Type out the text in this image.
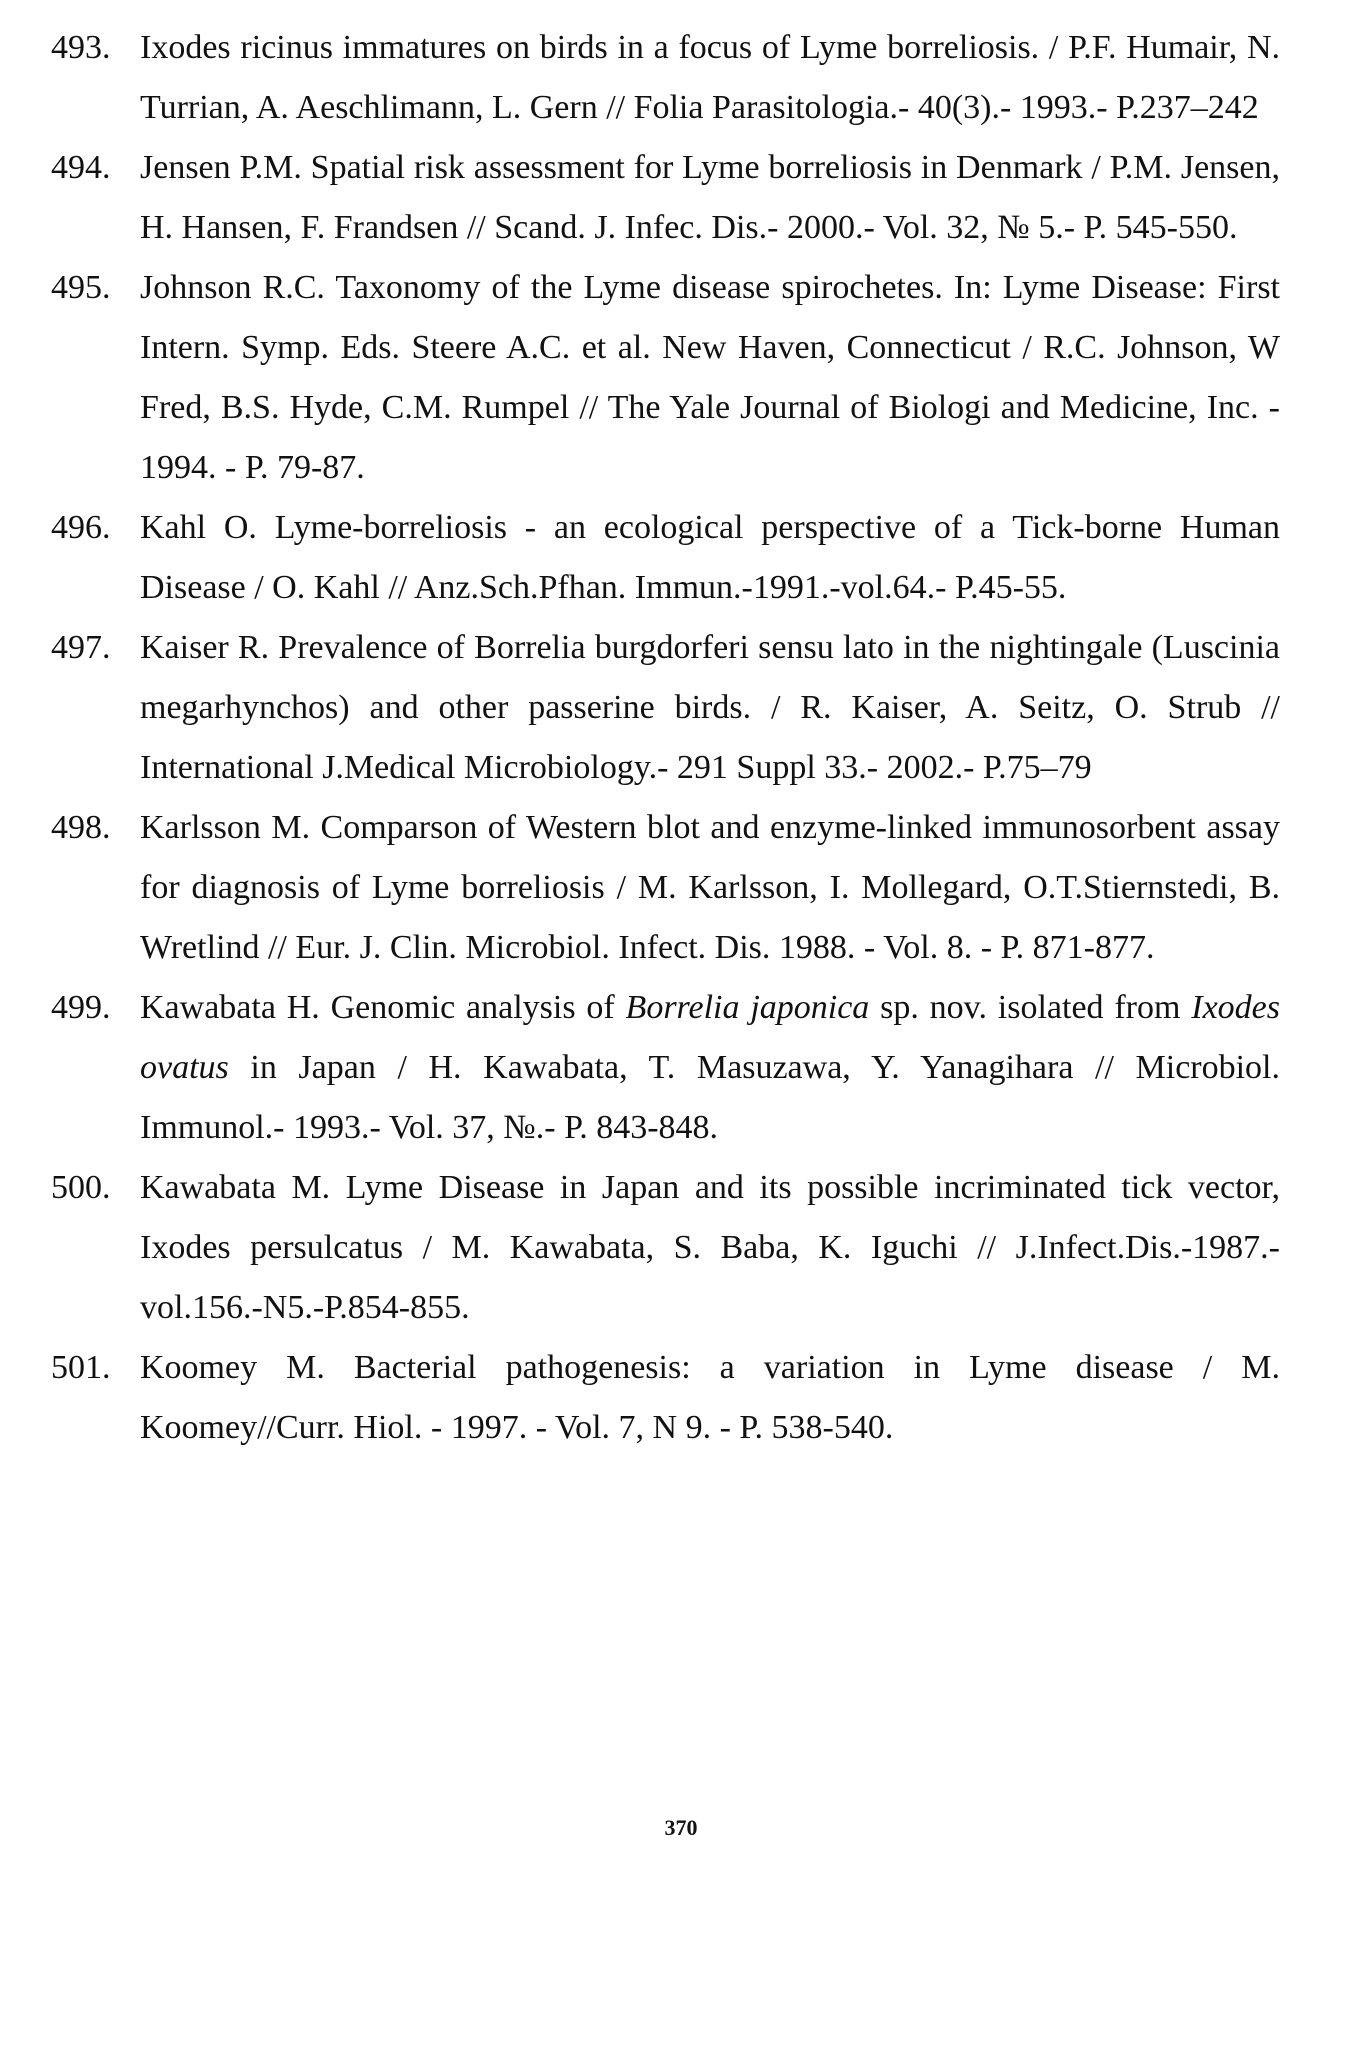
493. Ixodes ricinus immatures on birds in a focus of Lyme borreliosis. / P.F. Humair, N. Turrian, A. Aeschlimann, L. Gern // Folia Parasitologia.- 40(3).- 1993.- P.237–242
494. Jensen P.M. Spatial risk assessment for Lyme borreliosis in Denmark / P.M. Jensen, H. Hansen, F. Frandsen // Scand. J. Infec. Dis.- 2000.- Vol. 32, № 5.- P. 545-550.
495. Johnson R.C. Taxonomy of the Lyme disease spirochetes. In: Lyme Disease: First Intern. Symp. Eds. Steere A.C. et al. New Haven, Connecticut / R.C. Johnson, W Fred, B.S. Hyde, C.M. Rumpel // The Yale Journal of Biologi and Medicine, Inc. - 1994. - P. 79-87.
496. Kahl O. Lyme-borreliosis - an ecological perspective of a Tick-borne Human Disease / O. Kahl // Anz.Sch.Pfhan. Immun.-1991.-vol.64.- P.45-55.
497. Kaiser R. Prevalence of Borrelia burgdorferi sensu lato in the nightingale (Luscinia megarhynchos) and other passerine birds. / R. Kaiser, A. Seitz, O. Strub // International J.Medical Microbiology.- 291 Suppl 33.- 2002.- P.75–79
498. Karlsson M. Comparson of Western blot and enzyme-linked immunosorbent assay for diagnosis of Lyme borreliosis / M. Karlsson, I. Mollegard, O.T.Stiernstedi, B. Wretlind // Eur. J. Clin. Microbiol. Infect. Dis. 1988. - Vol. 8. - P. 871-877.
499. Kawabata H. Genomic analysis of Borrelia japonica sp. nov. isolated from Ixodes ovatus in Japan / H. Kawabata, T. Masuzawa, Y. Yanagihara // Microbiol. Immunol.- 1993.- Vol. 37, №.- P. 843-848.
500. Kawabata M. Lyme Disease in Japan and its possible incriminated tick vector, Ixodes persulcatus / M. Kawabata, S. Baba, K. Iguchi // J.Infect.Dis.-1987.- vol.156.-N5.-P.854-855.
501. Koomey M. Bacterial pathogenesis: a variation in Lyme disease / M. Koomey//Curr. Hiol. - 1997. - Vol. 7, N 9. - P. 538-540.
370
